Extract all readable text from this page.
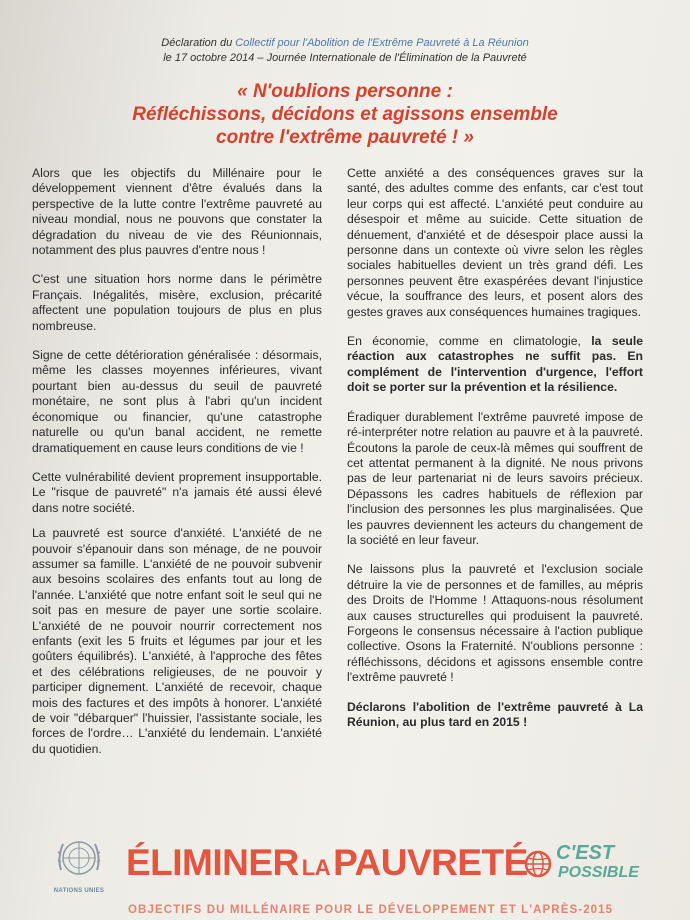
Déclaration du Collectif pour l'Abolition de l'Extrême Pauvreté à La Réunion
le 17 octobre 2014 – Journée Internationale de l'Élimination de la Pauvreté
« N'oublions personne :
Réfléchissons, décidons et agissons ensemble
contre l'extrême pauvreté ! »

Alors que les objectifs du Millénaire pour le développement viennent d'être évalués dans la perspective de la lutte contre l'extrême pauvreté au niveau mondial, nous ne pouvons que constater la dégradation du niveau de vie des Réunionnais, notamment des plus pauvres d'entre nous !

C'est une situation hors norme dans le périmètre Français. Inégalités, misère, exclusion, précarité affectent une population toujours de plus en plus nombreuse.

Signe de cette détérioration généralisée : désormais, même les classes moyennes inférieures, vivant pourtant bien au-dessus du seuil de pauvreté monétaire, ne sont plus à l'abri qu'un incident économique ou financier, qu'une catastrophe naturelle ou qu'un banal accident, ne remette dramatiquement en cause leurs conditions de vie !

Cette vulnérabilité devient proprement insupportable. Le "risque de pauvreté" n'a jamais été aussi élevé dans notre société.

La pauvreté est source d'anxiété. L'anxiété de ne pouvoir s'épanouir dans son ménage, de ne pouvoir assumer sa famille. L'anxiété de ne pouvoir subvenir aux besoins scolaires des enfants tout au long de l'année. L'anxiété que notre enfant soit le seul qui ne soit pas en mesure de payer une sortie scolaire. L'anxiété de ne pouvoir nourrir correctement nos enfants (exit les 5 fruits et légumes par jour et les goûters équilibrés). L'anxiété, à l'approche des fêtes et des célébrations religieuses, de ne pouvoir y participer dignement. L'anxiété de recevoir, chaque mois des factures et des impôts à honorer. L'anxiété de voir "débarquer" l'huissier, l'assistante sociale, les forces de l'ordre… L'anxiété du lendemain. L'anxiété du quotidien.

Cette anxiété a des conséquences graves sur la santé, des adultes comme des enfants, car c'est tout leur corps qui est affecté. L'anxiété peut conduire au désespoir et même au suicide. Cette situation de dénuement, d'anxiété et de désespoir place aussi la personne dans un contexte où vivre selon les règles sociales habituelles devient un très grand défi. Les personnes peuvent être exaspérées devant l'injustice vécue, la souffrance des leurs, et posent alors des gestes graves aux conséquences humaines tragiques.

En économie, comme en climatologie, la seule réaction aux catastrophes ne suffit pas. En complément de l'intervention d'urgence, l'effort doit se porter sur la prévention et la résilience.

Éradiquer durablement l'extrême pauvreté impose de ré-interpréter notre relation au pauvre et à la pauvreté. Écoutons la parole de ceux-là mêmes qui souffrent de cet attentat permanent à la dignité. Ne nous privons pas de leur partenariat ni de leurs savoirs précieux. Dépassons les cadres habituels de réflexion par l'inclusion des personnes les plus marginalisées. Que les pauvres deviennent les acteurs du changement de la société en leur faveur.

Ne laissons plus la pauvreté et l'exclusion sociale détruire la vie de personnes et de familles, au mépris des Droits de l'Homme ! Attaquons-nous résolument aux causes structurelles qui produisent la pauvreté. Forgeons le consensus nécessaire à l'action publique collective. Osons la Fraternité. N'oublions personne : réfléchissons, décidons et agissons ensemble contre l'extrême pauvreté !

Déclarons l'abolition de l'extrême pauvreté à La Réunion, au plus tard en 2015 !

NATIONS UNIES
ÉLIMINER LAPAUVRETÉ C'EST
POSSIBLE
OBJECTIFS DU MILLÉNAIRE POUR LE DÉVELOPPEMENT ET L'APRÈS-2015
